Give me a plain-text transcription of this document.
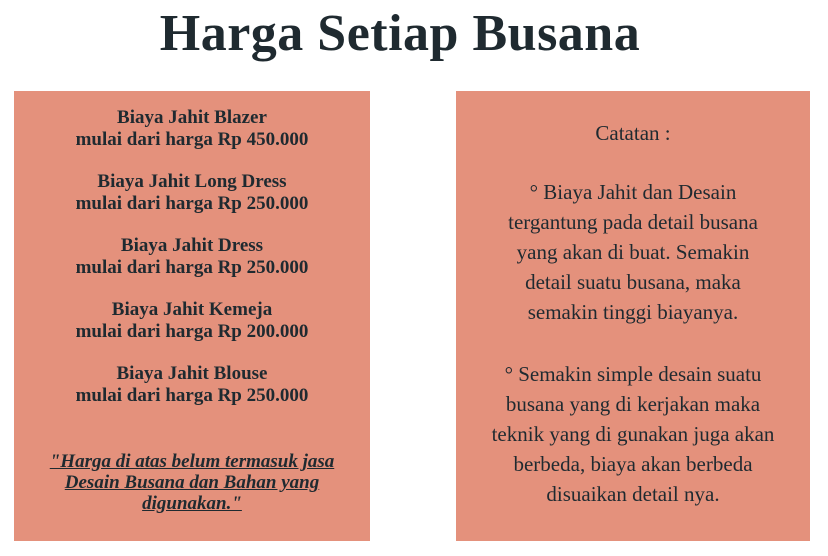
Harga Setiap Busana
Biaya Jahit Blazer
mulai dari harga Rp 450.000
Biaya Jahit Long Dress
mulai dari harga Rp 250.000
Biaya Jahit Dress
mulai dari harga Rp 250.000
Biaya Jahit Kemeja
mulai dari harga Rp 200.000
Biaya Jahit Blouse
mulai dari harga Rp 250.000
"Harga di atas belum termasuk jasa
Desain Busana dan Bahan yang
digunakan."
Catatan :
° Biaya Jahit dan Desain
tergantung pada detail busana
yang akan di buat. Semakin
detail suatu busana, maka
semakin tinggi biayanya.
° Semakin simple desain suatu
busana yang di kerjakan maka
teknik yang di gunakan juga akan
berbeda, biaya akan berbeda
disuaikan detail nya.
